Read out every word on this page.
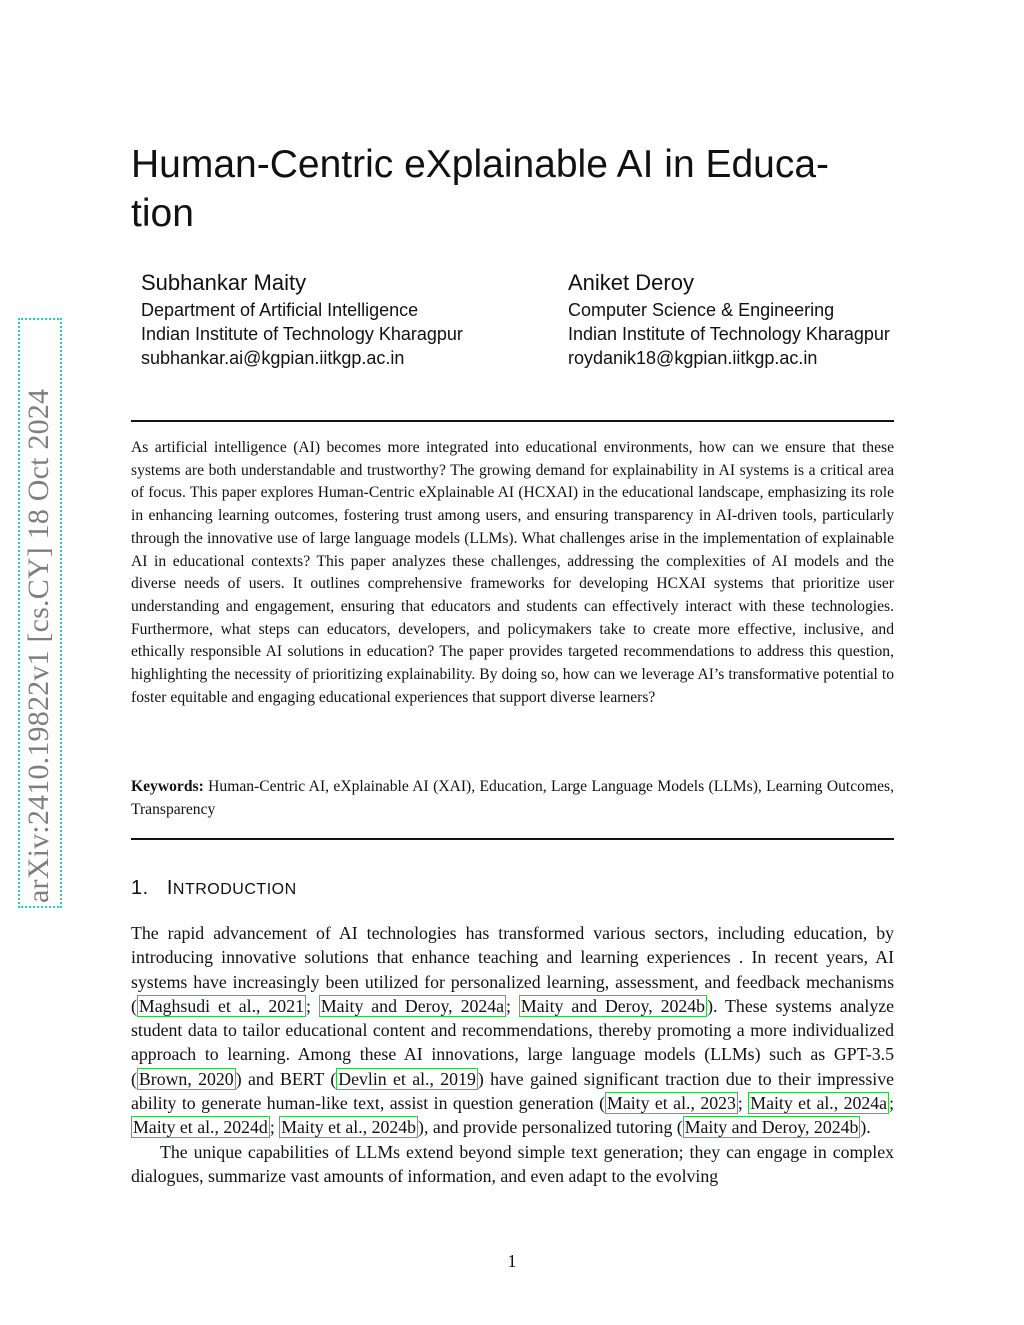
arXiv:2410.19822v1 [cs.CY] 18 Oct 2024
Human-Centric eXplainable AI in Educa-
tion
Subhankar Maity
Department of Artificial Intelligence
Indian Institute of Technology Kharagpur
subhankar.ai@kgpian.iitkgp.ac.in
Aniket Deroy
Computer Science & Engineering
Indian Institute of Technology Kharagpur
roydanik18@kgpian.iitkgp.ac.in

As artificial intelligence (AI) becomes more integrated into educational environments, how can we ensure that these systems are both understandable and trustworthy? The growing demand for explainability in AI systems is a critical area of focus. This paper explores Human-Centric eXplainable AI (HCXAI) in the educational landscape, emphasizing its role in enhancing learning outcomes, fostering trust among users, and ensuring transparency in AI-driven tools, particularly through the innovative use of large language models (LLMs). What challenges arise in the implementation of explainable AI in educational contexts? This paper analyzes these challenges, addressing the complexities of AI models and the diverse needs of users. It outlines comprehensive frameworks for developing HCXAI systems that prioritize user understanding and engagement, ensuring that educators and students can effectively interact with these technologies. Furthermore, what steps can educators, developers, and policymakers take to create more effective, inclusive, and ethically responsible AI solutions in education? The paper provides targeted recommendations to address this question, highlighting the necessity of prioritizing explainability. By doing so, how can we leverage AI’s transformative potential to foster equitable and engaging educational experiences that support diverse learners?

Keywords: Human-Centric AI, eXplainable AI (XAI), Education, Large Language Models (LLMs), Learning Outcomes, Transparency

1. INTRODUCTION

The rapid advancement of AI technologies has transformed various sectors, including education, by introducing innovative solutions that enhance teaching and learning experiences . In recent years, AI systems have increasingly been utilized for personalized learning, assessment, and feedback mechanisms ( Maghsudi et al., 2021 ; Maity and Deroy, 2024a ; Maity and Deroy, 2024b ). These systems analyze student data to tailor educational content and recommendations, thereby promoting a more individualized approach to learning. Among these AI innovations, large language models (LLMs) such as GPT-3.5 ( Brown, 2020 ) and BERT ( Devlin et al., 2019 ) have gained significant traction due to their impressive ability to generate human-like text, assist in question generation ( Maity et al., 2023 ; Maity et al., 2024a ; Maity et al., 2024d ; Maity et al., 2024b ), and provide personalized tutoring ( Maity and Deroy, 2024b ).

The unique capabilities of LLMs extend beyond simple text generation; they can engage in complex dialogues, summarize vast amounts of information, and even adapt to the evolving

1
